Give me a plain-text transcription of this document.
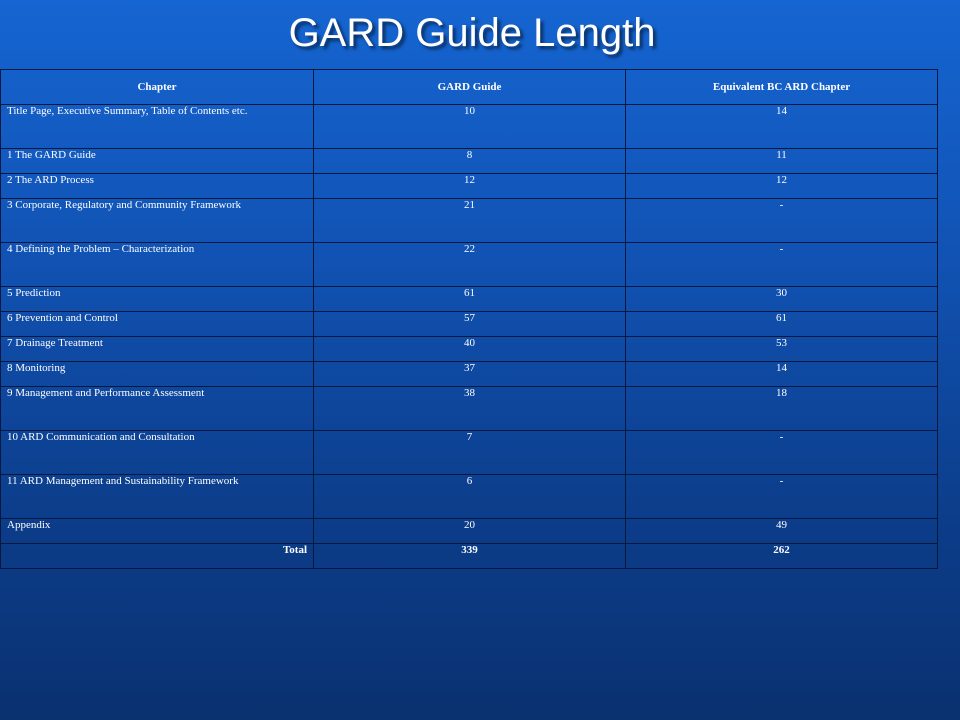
GARD Guide Length
Chapter	GARD Guide	Equivalent BC ARD Chapter
Title Page, Executive Summary, Table of Contents etc.	10	14
1 The GARD Guide	8	11
2 The ARD Process	12	12
3 Corporate, Regulatory and Community Framework	21	-
4 Defining the Problem – Characterization	22	-
5 Prediction	61	30
6 Prevention and Control	57	61
7 Drainage Treatment	40	53
8 Monitoring	37	14
9 Management and Performance Assessment	38	18
10 ARD Communication and Consultation	7	-
11 ARD Management and Sustainability Framework	6	-
Appendix	20	49
Total	339	262
